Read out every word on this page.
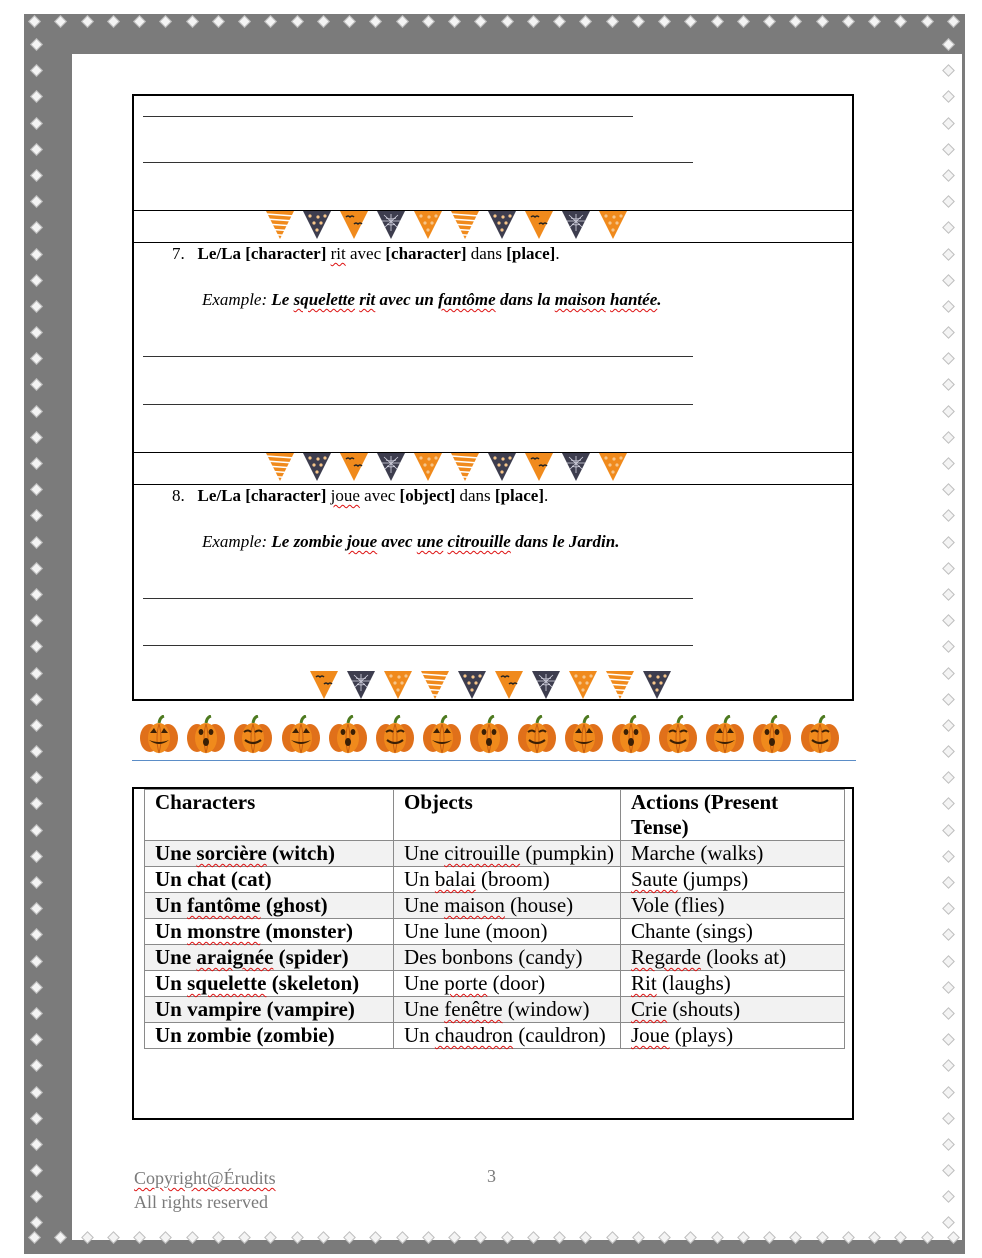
7. Le/La [character] rit avec [character] dans [place].
Example: Le squelette rit avec un fantôme dans la maison hantée.
8. Le/La [character] joue avec [object] dans [place].
Example: Le zombie joue avec une citrouille dans le Jardin.
Characters	Objects	Actions (Present
Tense)
Une sorcière (witch)	Une citrouille (pumpkin)	Marche (walks)
Un chat (cat)	Un balai (broom)	Saute (jumps)
Un fantôme (ghost)	Une maison (house)	Vole (flies)
Un monstre (monster)	Une lune (moon)	Chante (sings)
Une araignée (spider)	Des bonbons (candy)	Regarde (looks at)
Un squelette (skeleton)	Une porte (door)	Rit (laughs)
Un vampire (vampire)	Une fenêtre (window)	Crie (shouts)
Un zombie (zombie)	Un chaudron (cauldron)	Joue (plays)
Copyright@Érudits
All rights reserved
3
